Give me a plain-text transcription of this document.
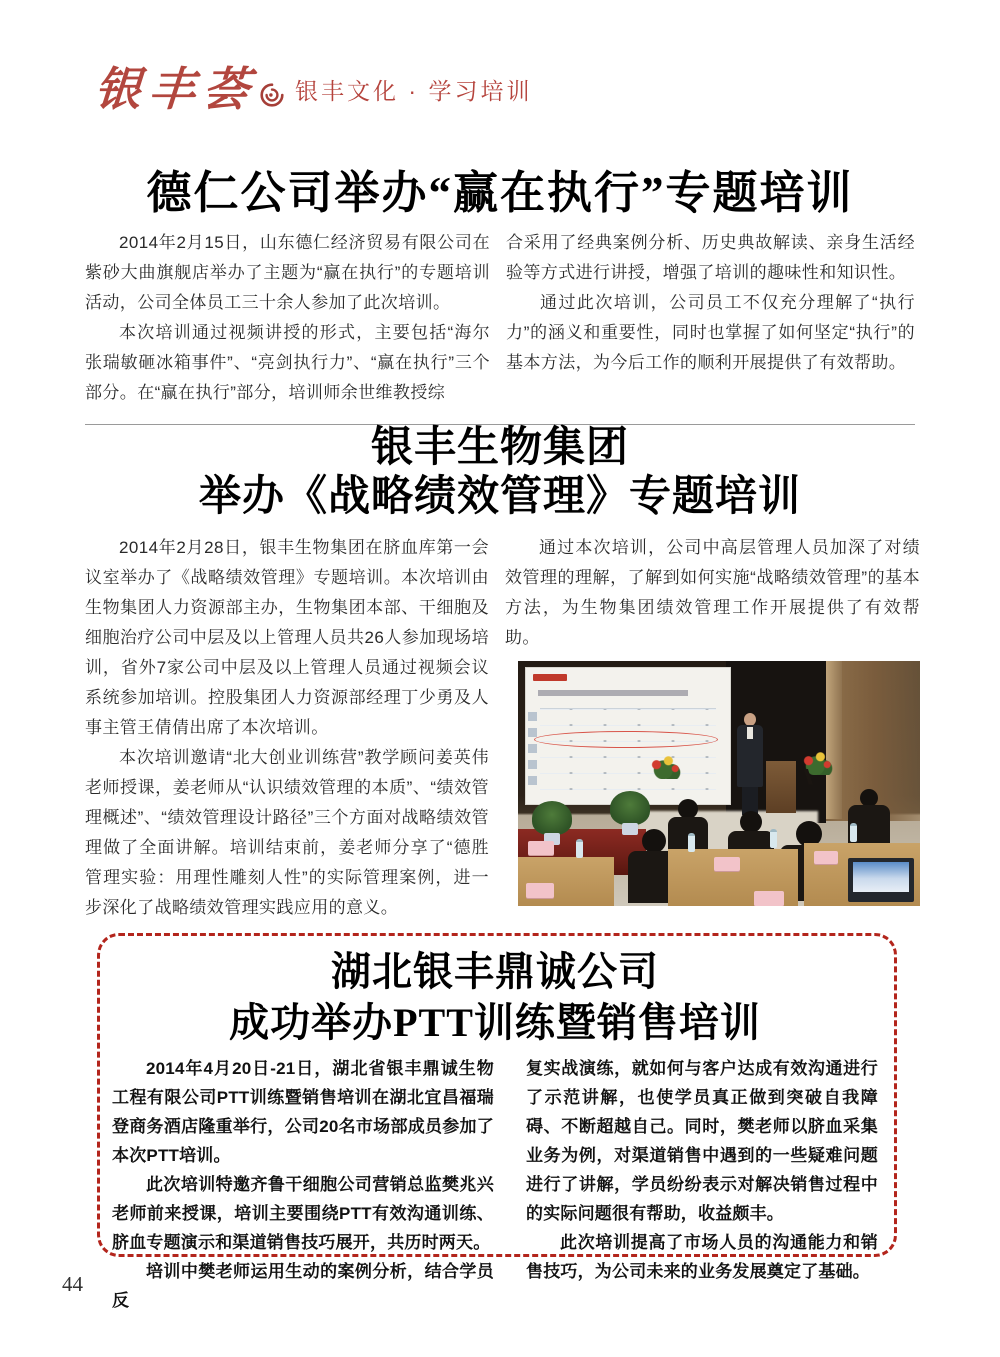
银丰荟 银丰文化 · 学习培训
德仁公司举办“赢在执行”专题培训

2014年2月15日，山东德仁经济贸易有限公司在紫砂大曲旗舰店举办了主题为“赢在执行”的专题培训活动，公司全体员工三十余人参加了此次培训。

本次培训通过视频讲授的形式，主要包括“海尔张瑞敏砸冰箱事件”、“亮剑执行力”、“赢在执行”三个部分。在“赢在执行”部分，培训师余世维教授综

合采用了经典案例分析、历史典故解读、亲身生活经验等方式进行讲授，增强了培训的趣味性和知识性。

通过此次培训，公司员工不仅充分理解了“执行力”的涵义和重要性，同时也掌握了如何坚定“执行”的基本方法，为今后工作的顺利开展提供了有效帮助。

银丰生物集团
举办《战略绩效管理》专题培训

2014年2月28日，银丰生物集团在脐血库第一会议室举办了《战略绩效管理》专题培训。本次培训由生物集团人力资源部主办，生物集团本部、干细胞及细胞治疗公司中层及以上管理人员共26人参加现场培训，省外7家公司中层及以上管理人员通过视频会议系统参加培训。控股集团人力资源部经理丁少勇及人事主管王倩倩出席了本次培训。

本次培训邀请“北大创业训练营”教学顾问姜英伟老师授课，姜老师从“认识绩效管理的本质”、“绩效管理概述”、“绩效管理设计路径”三个方面对战略绩效管理做了全面讲解。培训结束前，姜老师分享了“德胜管理实验：用理性雕刻人性”的实际管理案例，进一步深化了战略绩效管理实践应用的意义。

通过本次培训，公司中高层管理人员加深了对绩效管理的理解，了解到如何实施“战略绩效管理”的基本方法，为生物集团绩效管理工作开展提供了有效帮助。

湖北银丰鼎诚公司
成功举办PTT训练暨销售培训

2014年4月20日-21日，湖北省银丰鼎诚生物工程有限公司PTT训练暨销售培训在湖北宜昌福瑞登商务酒店隆重举行，公司20名市场部成员参加了本次PTT培训。

此次培训特邀齐鲁干细胞公司营销总监樊兆兴老师前来授课，培训主要围绕PTT有效沟通训练、脐血专题演示和渠道销售技巧展开，共历时两天。

培训中樊老师运用生动的案例分析，结合学员反

复实战演练，就如何与客户达成有效沟通进行了示范讲解，也使学员真正做到突破自我障碍、不断超越自己。同时，樊老师以脐血采集业务为例，对渠道销售中遇到的一些疑难问题进行了讲解，学员纷纷表示对解决销售过程中的实际问题很有帮助，收益颇丰。

此次培训提高了市场人员的沟通能力和销售技巧，为公司未来的业务发展奠定了基础。

44
